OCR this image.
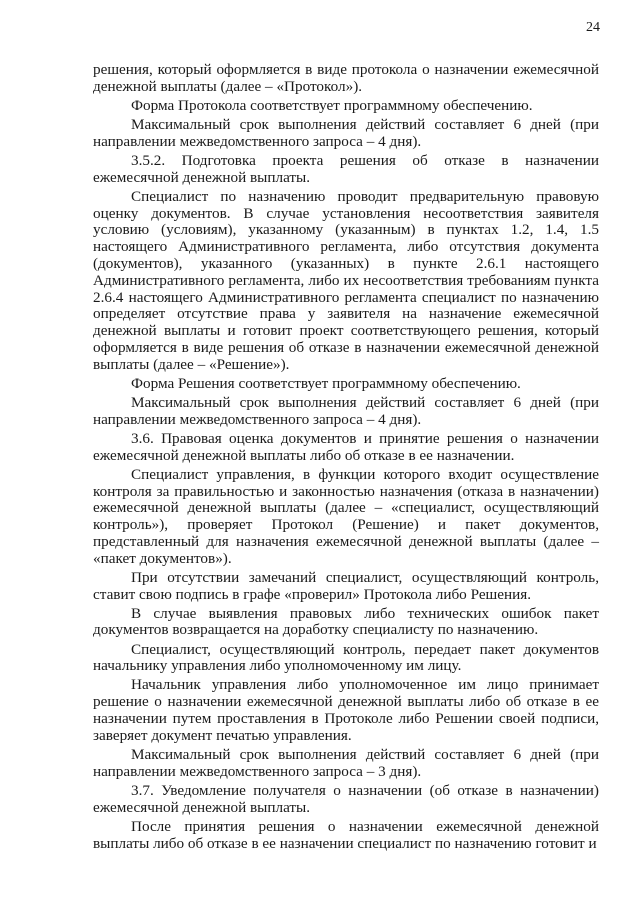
24

решения, который оформляется в виде протокола о назначении ежемесячной денежной выплаты (далее – «Протокол»).

Форма Протокола соответствует программному обеспечению.

Максимальный срок выполнения действий составляет 6 дней (при направлении межведомственного запроса – 4 дня).

3.5.2. Подготовка проекта решения об отказе в назначении ежемесячной денежной выплаты.

Специалист по назначению проводит предварительную правовую оценку документов. В случае установления несоответствия заявителя условию (условиям), указанному (указанным) в пунктах 1.2, 1.4, 1.5 настоящего Административного регламента, либо отсутствия документа (документов), указанного (указанных) в пункте 2.6.1 настоящего Административного регламента, либо их несоответствия требованиям пункта 2.6.4 настоящего Административного регламента специалист по назначению определяет отсутствие права у заявителя на назначение ежемесячной денежной выплаты и готовит проект соответствующего решения, который оформляется в виде решения об отказе в назначении ежемесячной денежной выплаты (далее – «Решение»).

Форма Решения соответствует программному обеспечению.

Максимальный срок выполнения действий составляет 6 дней (при направлении межведомственного запроса – 4 дня).

3.6. Правовая оценка документов и принятие решения о назначении ежемесячной денежной выплаты либо об отказе в ее назначении.

Специалист управления, в функции которого входит осуществление контроля за правильностью и законностью назначения (отказа в назначении) ежемесячной денежной выплаты (далее – «специалист, осуществляющий контроль»), проверяет Протокол (Решение) и пакет документов, представленный для назначения ежемесячной денежной выплаты (далее – «пакет документов»).

При отсутствии замечаний специалист, осуществляющий контроль, ставит свою подпись в графе «проверил» Протокола либо Решения.

В случае выявления правовых либо технических ошибок пакет документов возвращается на доработку специалисту по назначению.

Специалист, осуществляющий контроль, передает пакет документов начальнику управления либо уполномоченному им лицу.

Начальник управления либо уполномоченное им лицо принимает решение о назначении ежемесячной денежной выплаты либо об отказе в ее назначении путем проставления в Протоколе либо Решении своей подписи, заверяет документ печатью управления.

Максимальный срок выполнения действий составляет 6 дней (при направлении межведомственного запроса – 3 дня).

3.7. Уведомление получателя о назначении (об отказе в назначении) ежемесячной денежной выплаты.

После принятия решения о назначении ежемесячной денежной выплаты либо об отказе в ее назначении специалист по назначению готовит и
